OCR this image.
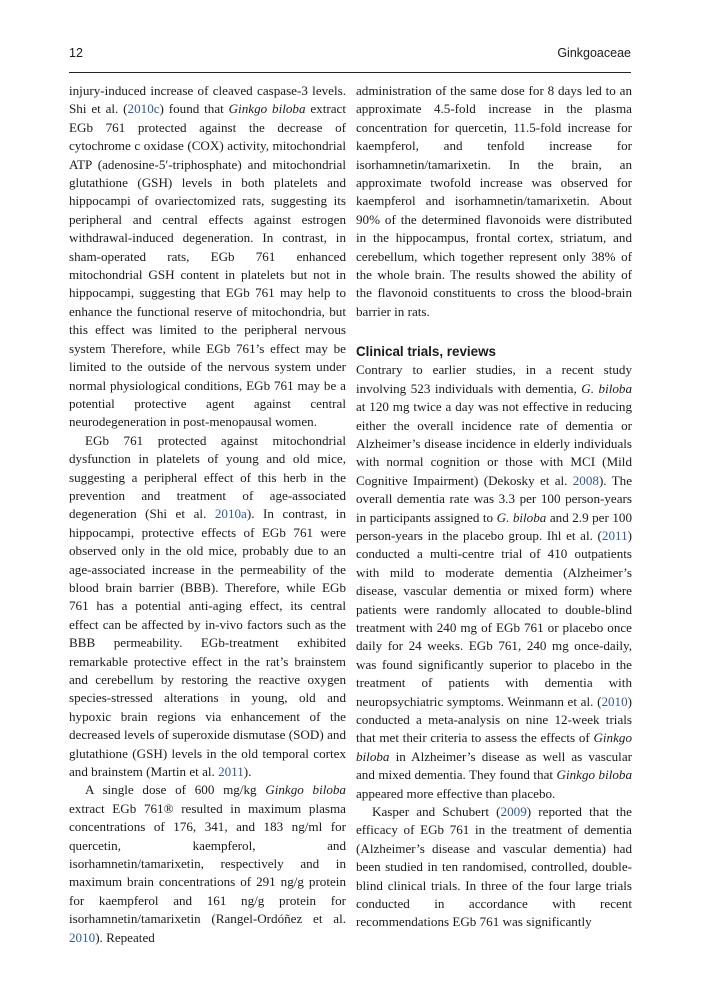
12	Ginkgoaceae

injury-induced increase of cleaved caspase-3 levels. Shi et al. (2010c) found that Ginkgo biloba extract EGb 761 protected against the decrease of cytochrome c oxidase (COX) activity, mitochondrial ATP (adenosine-5′-triphosphate) and mitochondrial glutathione (GSH) levels in both platelets and hippocampi of ovariectomized rats, suggesting its peripheral and central effects against estrogen withdrawal-induced degeneration. In contrast, in sham-operated rats, EGb 761 enhanced mitochondrial GSH content in platelets but not in hippocampi, suggesting that EGb 761 may help to enhance the functional reserve of mitochondria, but this effect was limited to the peripheral nervous system Therefore, while EGb 761’s effect may be limited to the outside of the nervous system under normal physiological conditions, EGb 761 may be a potential protective agent against central neurodegeneration in post-menopausal women.

EGb 761 protected against mitochondrial dysfunction in platelets of young and old mice, suggesting a peripheral effect of this herb in the prevention and treatment of age-associated degeneration (Shi et al. 2010a). In contrast, in hippocampi, protective effects of EGb 761 were observed only in the old mice, probably due to an age-associated increase in the permeability of the blood brain barrier (BBB). Therefore, while EGb 761 has a potential anti-aging effect, its central effect can be affected by in-vivo factors such as the BBB permeability. EGb-treatment exhibited remarkable protective effect in the rat’s brainstem and cerebellum by restoring the reactive oxygen species-stressed alterations in young, old and hypoxic brain regions via enhancement of the decreased levels of superoxide dismutase (SOD) and glutathione (GSH) levels in the old temporal cortex and brainstem (Martin et al. 2011).

A single dose of 600 mg/kg Ginkgo biloba extract EGb 761® resulted in maximum plasma concentrations of 176, 341, and 183 ng/ml for quercetin, kaempferol, and isorhamnetin/tamarixetin, respectively and in maximum brain concentrations of 291 ng/g protein for kaempferol and 161 ng/g protein for isorhamnetin/tamarixetin (Rangel-Ordóñez et al. 2010). Repeated

administration of the same dose for 8 days led to an approximate 4.5-fold increase in the plasma concentration for quercetin, 11.5-fold increase for kaempferol, and tenfold increase for isorhamnetin/tamarixetin. In the brain, an approximate twofold increase was observed for kaempferol and isorhamnetin/tamarixetin. About 90% of the determined flavonoids were distributed in the hippocampus, frontal cortex, striatum, and cerebellum, which together represent only 38% of the whole brain. The results showed the ability of the flavonoid constituents to cross the blood-brain barrier in rats.

Clinical trials, reviews

Contrary to earlier studies, in a recent study involving 523 individuals with dementia, G. biloba at 120 mg twice a day was not effective in reducing either the overall incidence rate of dementia or Alzheimer’s disease incidence in elderly individuals with normal cognition or those with MCI (Mild Cognitive Impairment) (Dekosky et al. 2008). The overall dementia rate was 3.3 per 100 person-years in participants assigned to G. biloba and 2.9 per 100 person-years in the placebo group. Ihl et al. (2011) conducted a multi-centre trial of 410 outpatients with mild to moderate dementia (Alzheimer’s disease, vascular dementia or mixed form) where patients were randomly allocated to double-blind treatment with 240 mg of EGb 761 or placebo once daily for 24 weeks. EGb 761, 240 mg once-daily, was found significantly superior to placebo in the treatment of patients with dementia with neuropsychiatric symptoms. Weinmann et al. (2010) conducted a meta-analysis on nine 12-week trials that met their criteria to assess the effects of Ginkgo biloba in Alzheimer’s disease as well as vascular and mixed dementia. They found that Ginkgo biloba appeared more effective than placebo.

Kasper and Schubert (2009) reported that the efficacy of EGb 761 in the treatment of dementia (Alzheimer’s disease and vascular dementia) had been studied in ten randomised, controlled, double-blind clinical trials. In three of the four large trials conducted in accordance with recent recommendations EGb 761 was significantly
